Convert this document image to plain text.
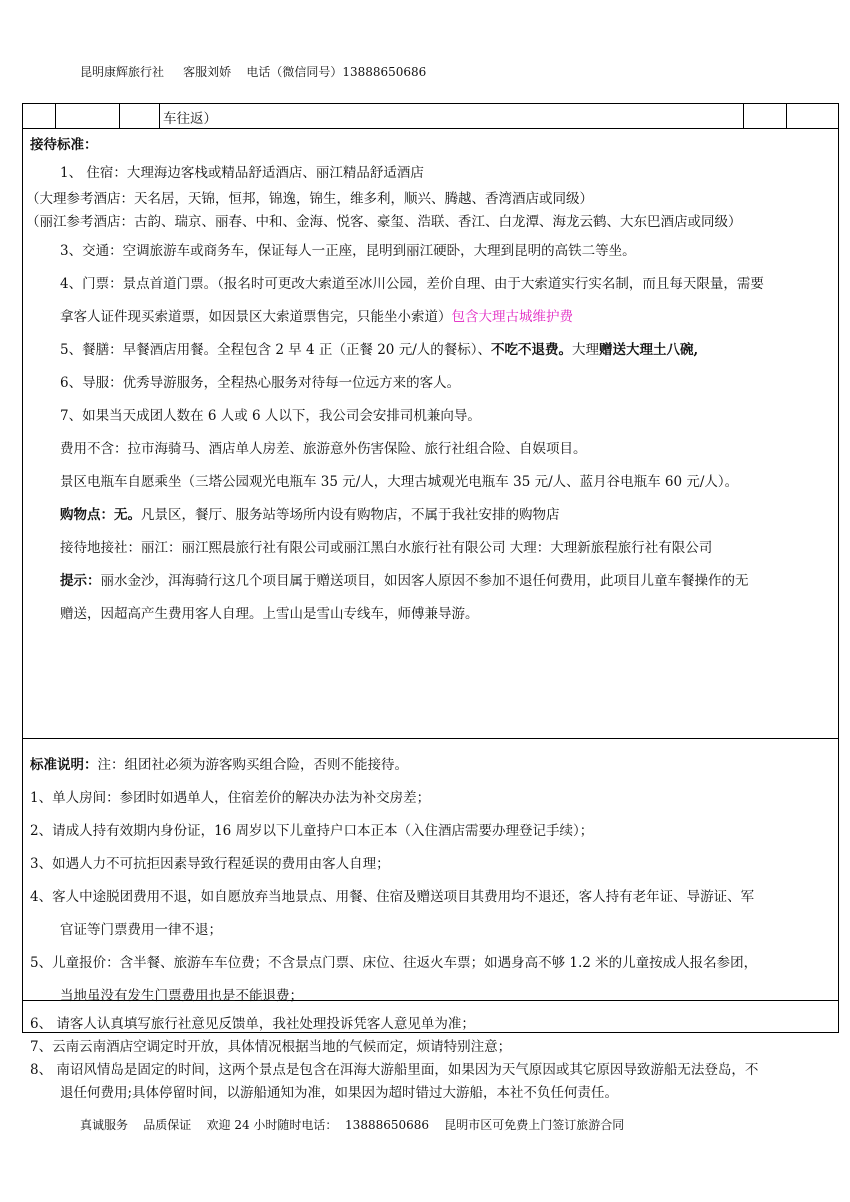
昆明康辉旅行社     客服刘娇    电话（微信同号）13888650686
车往返）
接待标准：
1、 住宿：大理海边客栈或精品舒适酒店、丽江精品舒适酒店
（大理参考酒店：天名居，天锦，恒邦，锦逸，锦生，维多利，顺兴、腾越、香湾酒店或同级）
（丽江参考酒店：古韵、瑞京、丽春、中和、金海、悦客、豪玺、浩联、香江、白龙潭、海龙云鹤、大东巴酒店或同级）
3、交通：空调旅游车或商务车，保证每人一正座，昆明到丽江硬卧，大理到昆明的高铁二等坐。
4、门票：景点首道门票。（报名时可更改大索道至冰川公园，差价自理、由于大索道实行实名制，而且每天限量，需要
拿客人证件现买索道票，如因景区大索道票售完，只能坐小索道）包含大理古城维护费
5、餐膳：早餐酒店用餐。全程包含 2 早 4 正（正餐 20 元/人的餐标）、不吃不退费。大理赠送大理土八碗,
6、导服：优秀导游服务，全程热心服务对待每一位远方来的客人。
7、如果当天成团人数在 6 人或 6 人以下，我公司会安排司机兼向导。
费用不含：拉市海骑马、酒店单人房差、旅游意外伤害保险、旅行社组合险、自娱项目。
景区电瓶车自愿乘坐（三塔公园观光电瓶车 35 元/人，大理古城观光电瓶车 35 元/人、蓝月谷电瓶车 60 元/人）。
购物点：无。凡景区，餐厅、服务站等场所内设有购物店，不属于我社安排的购物店
接待地接社：丽江：丽江熙晨旅行社有限公司或丽江黑白水旅行社有限公司 大理：大理新旅程旅行社有限公司
提示：丽水金沙，洱海骑行这几个项目属于赠送项目，如因客人原因不参加不退任何费用，此项目儿童车餐操作的无
赠送，因超高产生费用客人自理。上雪山是雪山专线车，师傅兼导游。
标准说明：注：组团社必须为游客购买组合险，否则不能接待。
1、单人房间：参团时如遇单人，住宿差价的解决办法为补交房差；
2、请成人持有效期内身份证，16 周岁以下儿童持户口本正本（入住酒店需要办理登记手续）；
3、如遇人力不可抗拒因素导致行程延误的费用由客人自理；
4、客人中途脱团费用不退，如自愿放弃当地景点、用餐、住宿及赠送项目其费用均不退还，客人持有老年证、导游证、军
官证等门票费用一律不退；
5、儿童报价：含半餐、旅游车车位费；不含景点门票、床位、往返火车票；如遇身高不够 1.2 米的儿童按成人报名参团，
当地虽没有发生门票费用也是不能退费；
6、 请客人认真填写旅行社意见反馈单，我社处理投诉凭客人意见单为准；
7、云南云南酒店空调定时开放，具体情况根据当地的气候而定，烦请特别注意；
8、 南诏风情岛是固定的时间，这两个景点是包含在洱海大游船里面，如果因为天气原因或其它原因导致游船无法登岛，不
退任何费用;具体停留时间，以游船通知为准，如果因为超时错过大游船，本社不负任何责任。
真诚服务    品质保证    欢迎 24 小时随时电话：  13888650686    昆明市区可免费上门签订旅游合同
